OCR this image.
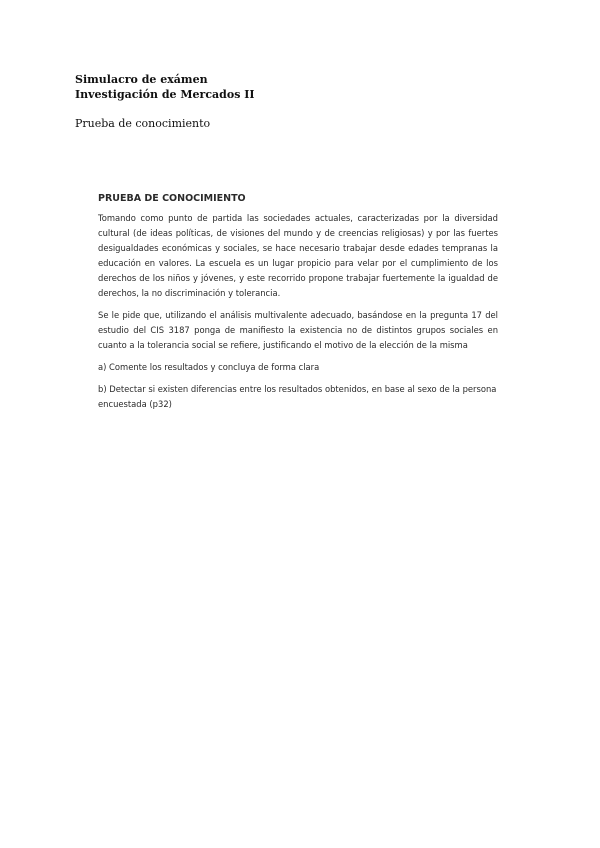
Simulacro de exámen
Investigación de Mercados II
Prueba de conocimiento
PRUEBA DE CONOCIMIENTO

Tomando como punto de partida las sociedades actuales, caracterizadas por la diversidad cultural (de ideas políticas, de visiones del mundo y de creencias religiosas) y por las fuertes desigualdades económicas y sociales, se hace necesario trabajar desde edades tempranas la educación en valores. La escuela es un lugar propicio para velar por el cumplimiento de los derechos de los niños y jóvenes, y este recorrido propone trabajar fuertemente la igualdad de derechos, la no discriminación y tolerancia.

Se le pide que, utilizando el análisis multivalente adecuado, basándose en la pregunta 17 del estudio del CIS 3187 ponga de manifiesto la existencia no de distintos grupos sociales en cuanto a la tolerancia social se refiere, justificando el motivo de la elección de la misma

a) Comente los resultados y concluya de forma clara

b) Detectar si existen diferencias entre los resultados obtenidos, en base al sexo de la persona encuestada (p32)
